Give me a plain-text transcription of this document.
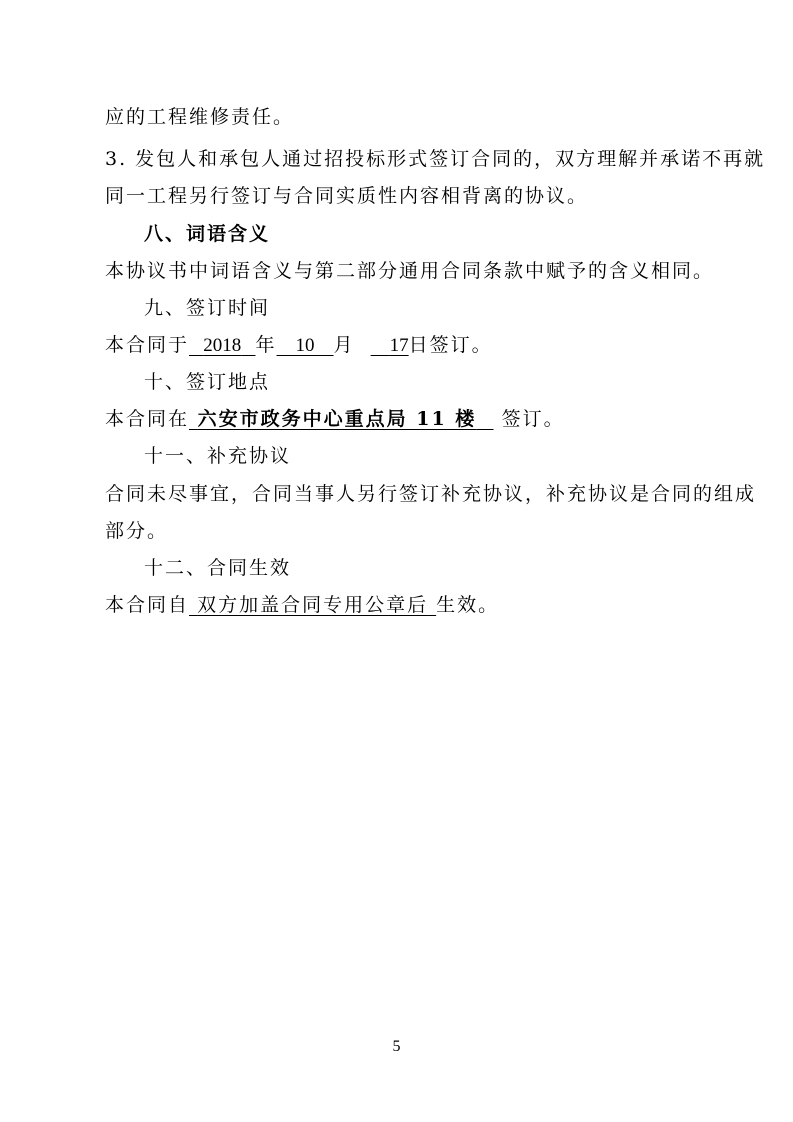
应的工程维修责任。
3. 发包人和承包人通过招投标形式签订合同的，双方理解并承诺不再就
同一工程另行签订与合同实质性内容相背离的协议。
八、词语含义
本协议书中词语含义与第二部分通用合同条款中赋予的含义相同。
九、签订时间
本合同于 2018 年 10 月 17日签订。
十、签订地点
本合同在 六安市政务中心重点局 11 楼 签订。
十一、补充协议
合同未尽事宜，合同当事人另行签订补充协议，补充协议是合同的组成
部分。
十二、合同生效
本合同自 双方加盖合同专用公章后 生效。
5
